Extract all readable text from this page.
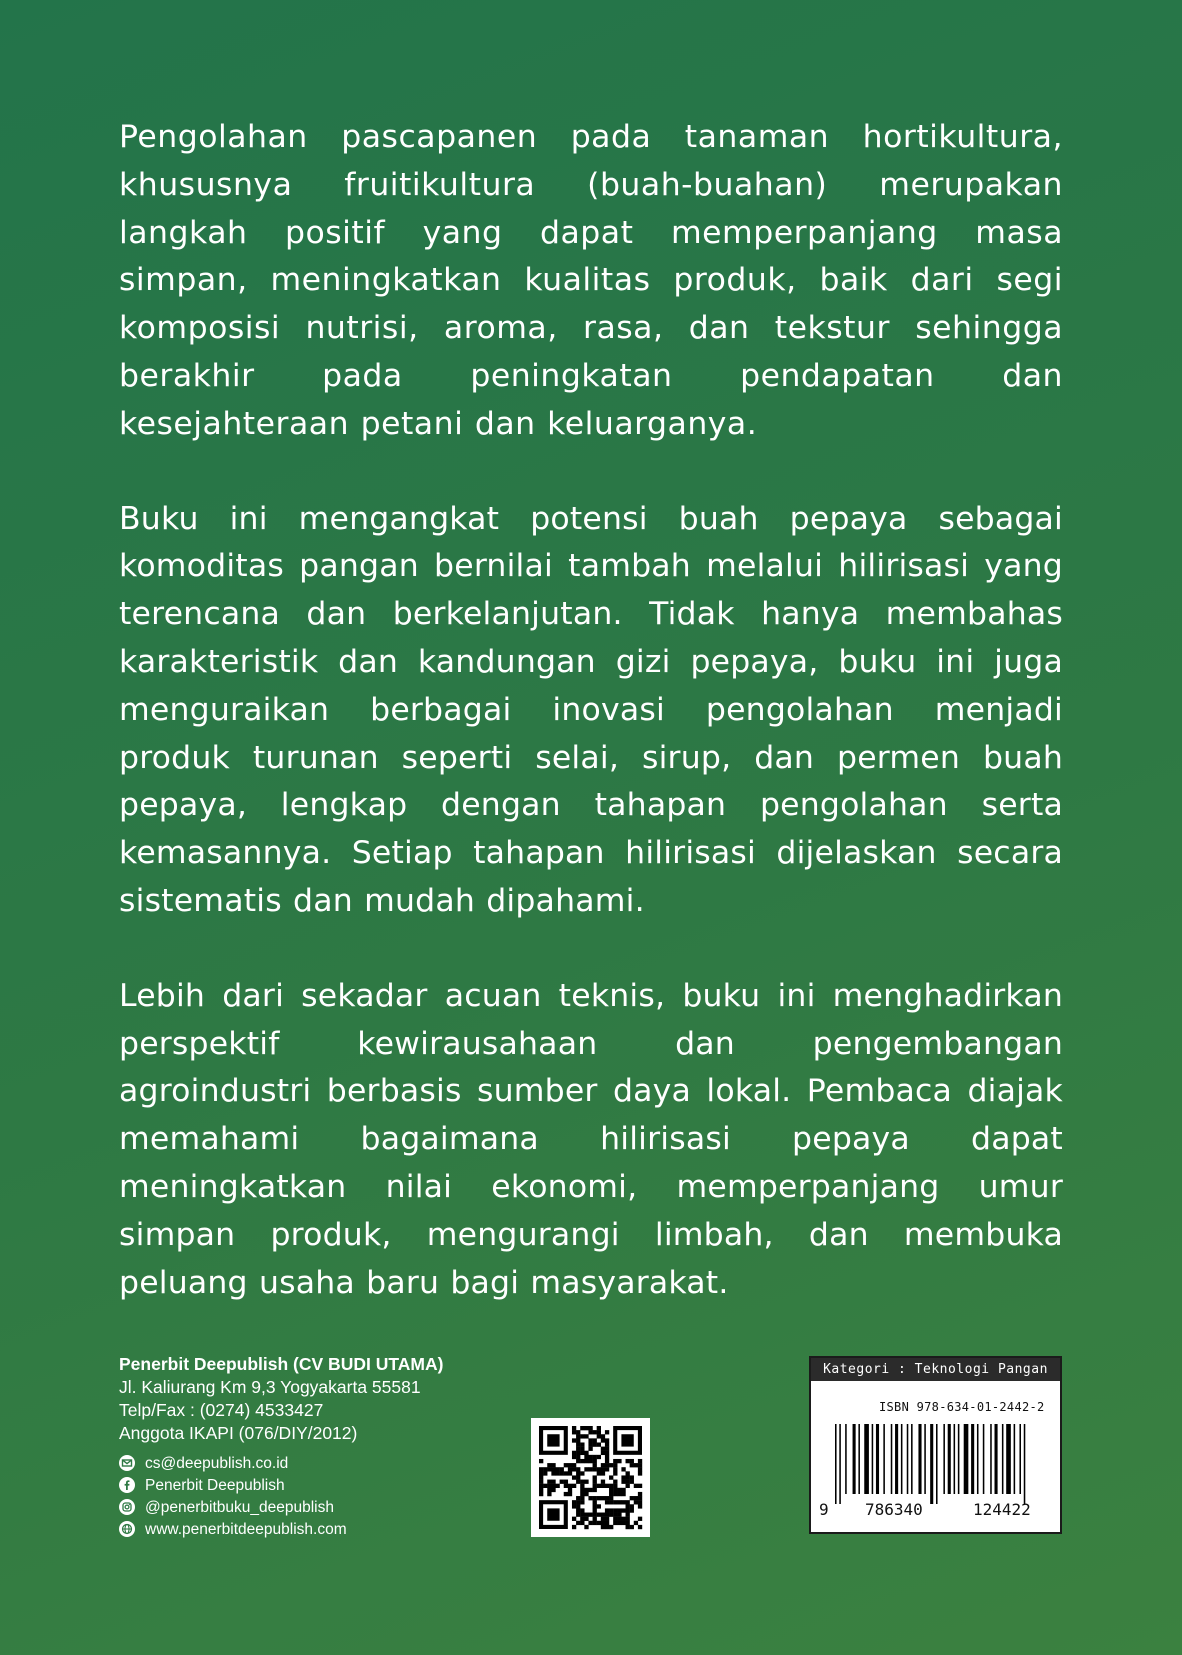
Pengolahan pascapanen pada tanaman hortikultura, khususnya fruitikultura (buah-buahan) merupakan langkah positif yang dapat memperpanjang masa simpan, meningkatkan kualitas produk, baik dari segi komposisi nutrisi, aroma, rasa, dan tekstur sehingga berakhir pada peningkatan pendapatan dan kesejahteraan petani dan keluarganya.

Buku ini mengangkat potensi buah pepaya sebagai komoditas pangan bernilai tambah melalui hilirisasi yang terencana dan berkelanjutan. Tidak hanya membahas karakteristik dan kandungan gizi pepaya, buku ini juga menguraikan berbagai inovasi pengolahan menjadi produk turunan seperti selai, sirup, dan permen buah pepaya, lengkap dengan tahapan pengolahan serta kemasannya. Setiap tahapan hilirisasi dijelaskan secara sistematis dan mudah dipahami.

Lebih dari sekadar acuan teknis, buku ini menghadirkan perspektif kewirausahaan dan pengembangan agroindustri berbasis sumber daya lokal. Pembaca diajak memahami bagaimana hilirisasi pepaya dapat meningkatkan nilai ekonomi, memperpanjang umur simpan produk, mengurangi limbah, dan membuka peluang usaha baru bagi masyarakat.

Penerbit Deepublish (CV BUDI UTAMA)
Jl. Kaliurang Km 9,3 Yogyakarta 55581
Telp/Fax : (0274) 4533427
Anggota IKAPI (076/DIY/2012)
cs@deepublish.co.id
Penerbit Deepublish
@penerbitbuku_deepublish
www.penerbitdeepublish.com
Kategori : Teknologi Pangan
ISBN 978-634-01-2442-2
9 786340	124422
